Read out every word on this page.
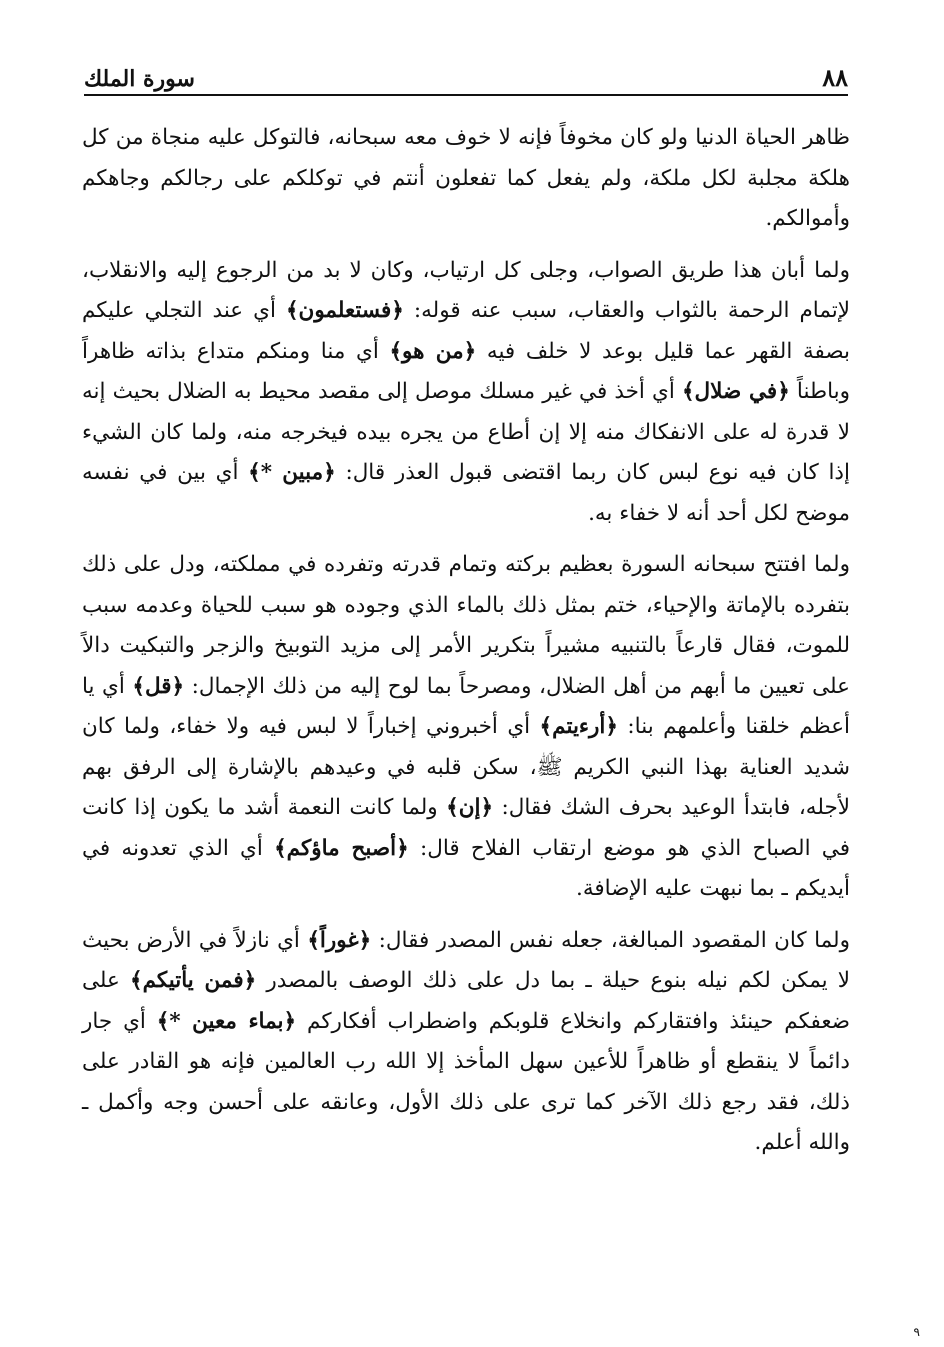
٨٨
سورة الملك

ظاهر الحياة الدنيا ولو كان مخوفاً فإنه لا خوف معه سبحانه، فالتوكل عليه منجاة من كل هلكة مجلبة لكل ملكة، ولم يفعل كما تفعلون أنتم في توكلكم على رجالكم وجاهكم وأموالكم.

ولما أبان هذا طريق الصواب، وجلى كل ارتياب، وكان لا بد من الرجوع إليه والانقلاب، لإتمام الرحمة بالثواب والعقاب، سبب عنه قوله: ﴿فستعلمون﴾ أي عند التجلي عليكم بصفة القهر عما قليل بوعد لا خلف فيه ﴿من هو﴾ أي منا ومنكم متداع بذاته ظاهراً وباطناً ﴿في ضلال﴾ أي أخذ في غير مسلك موصل إلى مقصد محيط به الضلال بحيث إنه لا قدرة له على الانفكاك منه إلا إن أطاع من يجره بيده فيخرجه منه، ولما كان الشيء إذا كان فيه نوع لبس كان ربما اقتضى قبول العذر قال: ﴿مبين *﴾ أي بين في نفسه موضح لكل أحد أنه لا خفاء به.

ولما افتتح سبحانه السورة بعظيم بركته وتمام قدرته وتفرده في مملكته، ودل على ذلك بتفرده بالإماتة والإحياء، ختم بمثل ذلك بالماء الذي وجوده هو سبب للحياة وعدمه سبب للموت، فقال قارعاً بالتنبيه مشيراً بتكرير الأمر إلى مزيد التوبيخ والزجر والتبكيت دالاً على تعيين ما أبهم من أهل الضلال، ومصرحاً بما لوح إليه من ذلك الإجمال: ﴿قل﴾ أي يا أعظم خلقنا وأعلمهم بنا: ﴿أرءيتم﴾ أي أخبروني إخباراً لا لبس فيه ولا خفاء، ولما كان شديد العناية بهذا النبي الكريم ﷺ، سكن قلبه في وعيدهم بالإشارة إلى الرفق بهم لأجله، فابتدأ الوعيد بحرف الشك فقال: ﴿إن﴾ ولما كانت النعمة أشد ما يكون إذا كانت في الصباح الذي هو موضع ارتقاب الفلاح قال: ﴿أصبح ماؤكم﴾ أي الذي تعدونه في أيديكم ـ بما نبهت عليه الإضافة.

ولما كان المقصود المبالغة، جعله نفس المصدر فقال: ﴿غوراً﴾ أي نازلاً في الأرض بحيث لا يمكن لكم نيله بنوع حيلة ـ بما دل على ذلك الوصف بالمصدر ﴿فمن يأتيكم﴾ على ضعفكم حينئذ وافتقاركم وانخلاع قلوبكم واضطراب أفكاركم ﴿بماء معين *﴾ أي جار دائماً لا ينقطع أو ظاهراً للأعين سهل المأخذ إلا الله رب العالمين فإنه هو القادر على ذلك، فقد رجع ذلك الآخر كما ترى على ذلك الأول، وعانقه على أحسن وجه وأكمل ـ والله أعلم.

٩
